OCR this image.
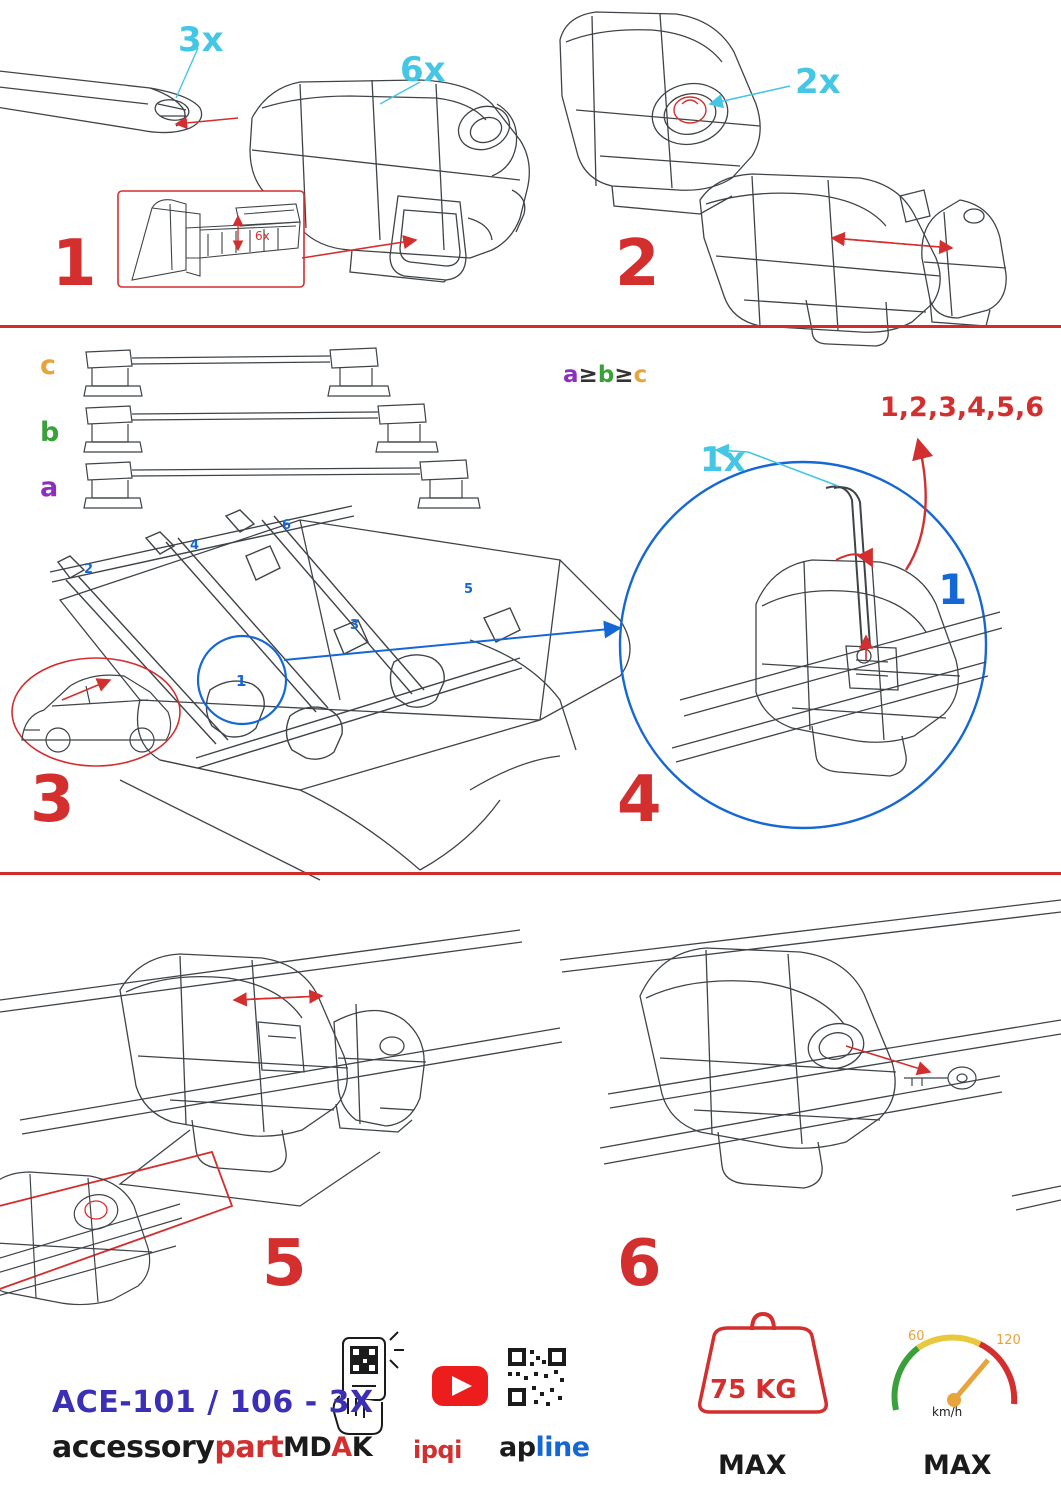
6x
60	120
km/h
3x
6x	2x
1x
1,2,3,4,5,6
1
c
b
a
a≥b≥c
1
2
3
4
5
6
1	2
3	4
5	6
ACE-101 / 106 - 3X
accessorypart MDAK ipqi apline
75 KG
MAX	MAX
